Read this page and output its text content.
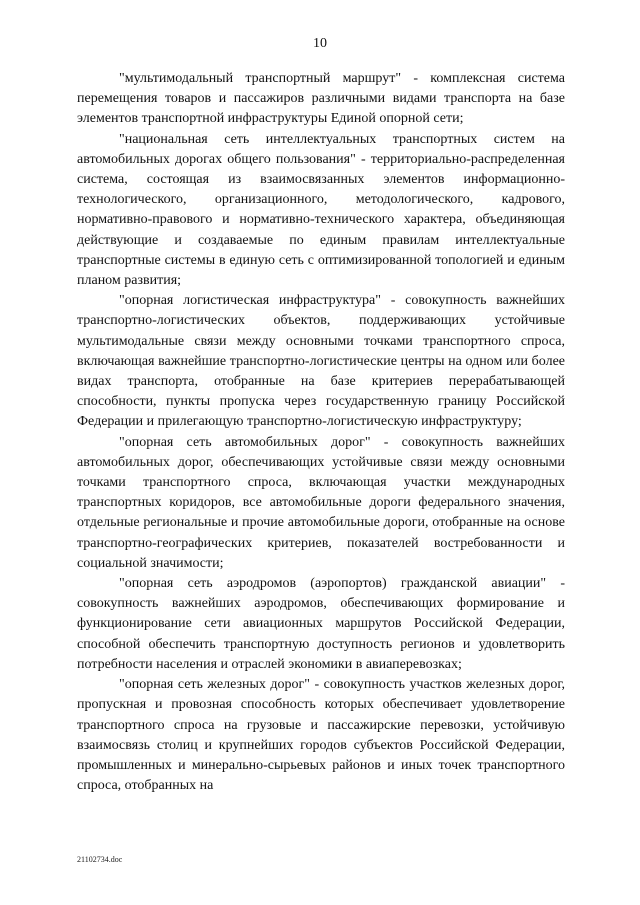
10

"мультимодальный транспортный маршрут" - комплексная система перемещения товаров и пассажиров различными видами транспорта на базе элементов транспортной инфраструктуры Единой опорной сети;

"национальная сеть интеллектуальных транспортных систем на автомобильных дорогах общего пользования" - территориально-распределенная система, состоящая из взаимосвязанных элементов информационно-технологического, организационного, методологического, кадрового, нормативно-правового и нормативно-технического характера, объединяющая действующие и создаваемые по единым правилам интеллектуальные транспортные системы в единую сеть с оптимизированной топологией и единым планом развития;

"опорная логистическая инфраструктура" - совокупность важнейших транспортно-логистических объектов, поддерживающих устойчивые мультимодальные связи между основными точками транспортного спроса, включающая важнейшие транспортно-логистические центры на одном или более видах транспорта, отобранные на базе критериев перерабатывающей способности, пункты пропуска через государственную границу Российской Федерации и прилегающую транспортно-логистическую инфраструктуру;

"опорная сеть автомобильных дорог" - совокупность важнейших автомобильных дорог, обеспечивающих устойчивые связи между основными точками транспортного спроса, включающая участки международных транспортных коридоров, все автомобильные дороги федерального значения, отдельные региональные и прочие автомобильные дороги, отобранные на основе транспортно-географических критериев, показателей востребованности и социальной значимости;

"опорная сеть аэродромов (аэропортов) гражданской авиации" - совокупность важнейших аэродромов, обеспечивающих формирование и функционирование сети авиационных маршрутов Российской Федерации, способной обеспечить транспортную доступность регионов и удовлетворить потребности населения и отраслей экономики в авиаперевозках;

"опорная сеть железных дорог" - совокупность участков железных дорог, пропускная и провозная способность которых обеспечивает удовлетворение транспортного спроса на грузовые и пассажирские перевозки, устойчивую взаимосвязь столиц и крупнейших городов субъектов Российской Федерации, промышленных и минерально-сырьевых районов и иных точек транспортного спроса, отобранных на

21102734.doc
